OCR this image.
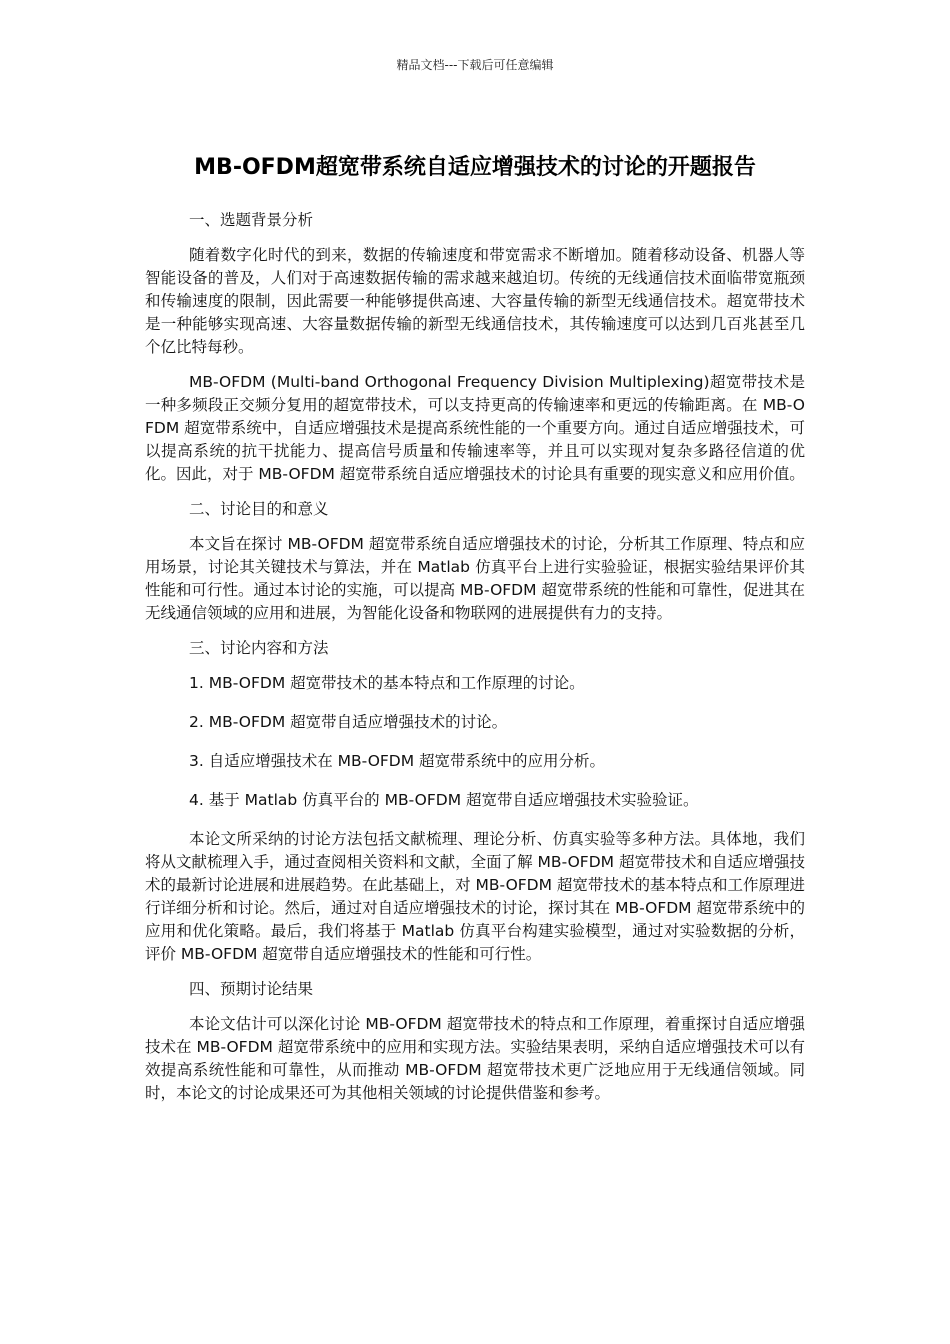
精品文档---下载后可任意编辑
MB-OFDM超宽带系统自适应增强技术的讨论的开题报告
一、选题背景分析

随着数字化时代的到来，数据的传输速度和带宽需求不断增加。随着移动设备、机器人等智能设备的普及，人们对于高速数据传输的需求越来越迫切。传统的无线通信技术面临带宽瓶颈和传输速度的限制，因此需要一种能够提供高速、大容量传输的新型无线通信技术。超宽带技术是一种能够实现高速、大容量数据传输的新型无线通信技术，其传输速度可以达到几百兆甚至几个亿比特每秒。

MB-OFDM (Multi-band Orthogonal Frequency Division Multiplexing)超宽带技术是一种多频段正交频分复用的超宽带技术，可以支持更高的传输速率和更远的传输距离。在 MB-OFDM 超宽带系统中，自适应增强技术是提高系统性能的一个重要方向。通过自适应增强技术，可以提高系统的抗干扰能力、提高信号质量和传输速率等，并且可以实现对复杂多路径信道的优化。因此，对于 MB-OFDM 超宽带系统自适应增强技术的讨论具有重要的现实意义和应用价值。

二、讨论目的和意义

本文旨在探讨 MB-OFDM 超宽带系统自适应增强技术的讨论，分析其工作原理、特点和应用场景，讨论其关键技术与算法，并在 Matlab 仿真平台上进行实验验证，根据实验结果评价其性能和可行性。通过本讨论的实施，可以提高 MB-OFDM 超宽带系统的性能和可靠性，促进其在无线通信领域的应用和进展，为智能化设备和物联网的进展提供有力的支持。

三、讨论内容和方法
1. MB-OFDM 超宽带技术的基本特点和工作原理的讨论。
2. MB-OFDM 超宽带自适应增强技术的讨论。
3. 自适应增强技术在 MB-OFDM 超宽带系统中的应用分析。
4. 基于 Matlab 仿真平台的 MB-OFDM 超宽带自适应增强技术实验验证。

本论文所采纳的讨论方法包括文献梳理、理论分析、仿真实验等多种方法。具体地，我们将从文献梳理入手，通过查阅相关资料和文献，全面了解 MB-OFDM 超宽带技术和自适应增强技术的最新讨论进展和进展趋势。在此基础上，对 MB-OFDM 超宽带技术的基本特点和工作原理进行详细分析和讨论。然后，通过对自适应增强技术的讨论，探讨其在 MB-OFDM 超宽带系统中的应用和优化策略。最后，我们将基于 Matlab 仿真平台构建实验模型，通过对实验数据的分析，评价 MB-OFDM 超宽带自适应增强技术的性能和可行性。

四、预期讨论结果

本论文估计可以深化讨论 MB-OFDM 超宽带技术的特点和工作原理，着重探讨自适应增强技术在 MB-OFDM 超宽带系统中的应用和实现方法。实验结果表明，采纳自适应增强技术可以有效提高系统性能和可靠性，从而推动 MB-OFDM 超宽带技术更广泛地应用于无线通信领域。同时，本论文的讨论成果还可为其他相关领域的讨论提供借鉴和参考。
